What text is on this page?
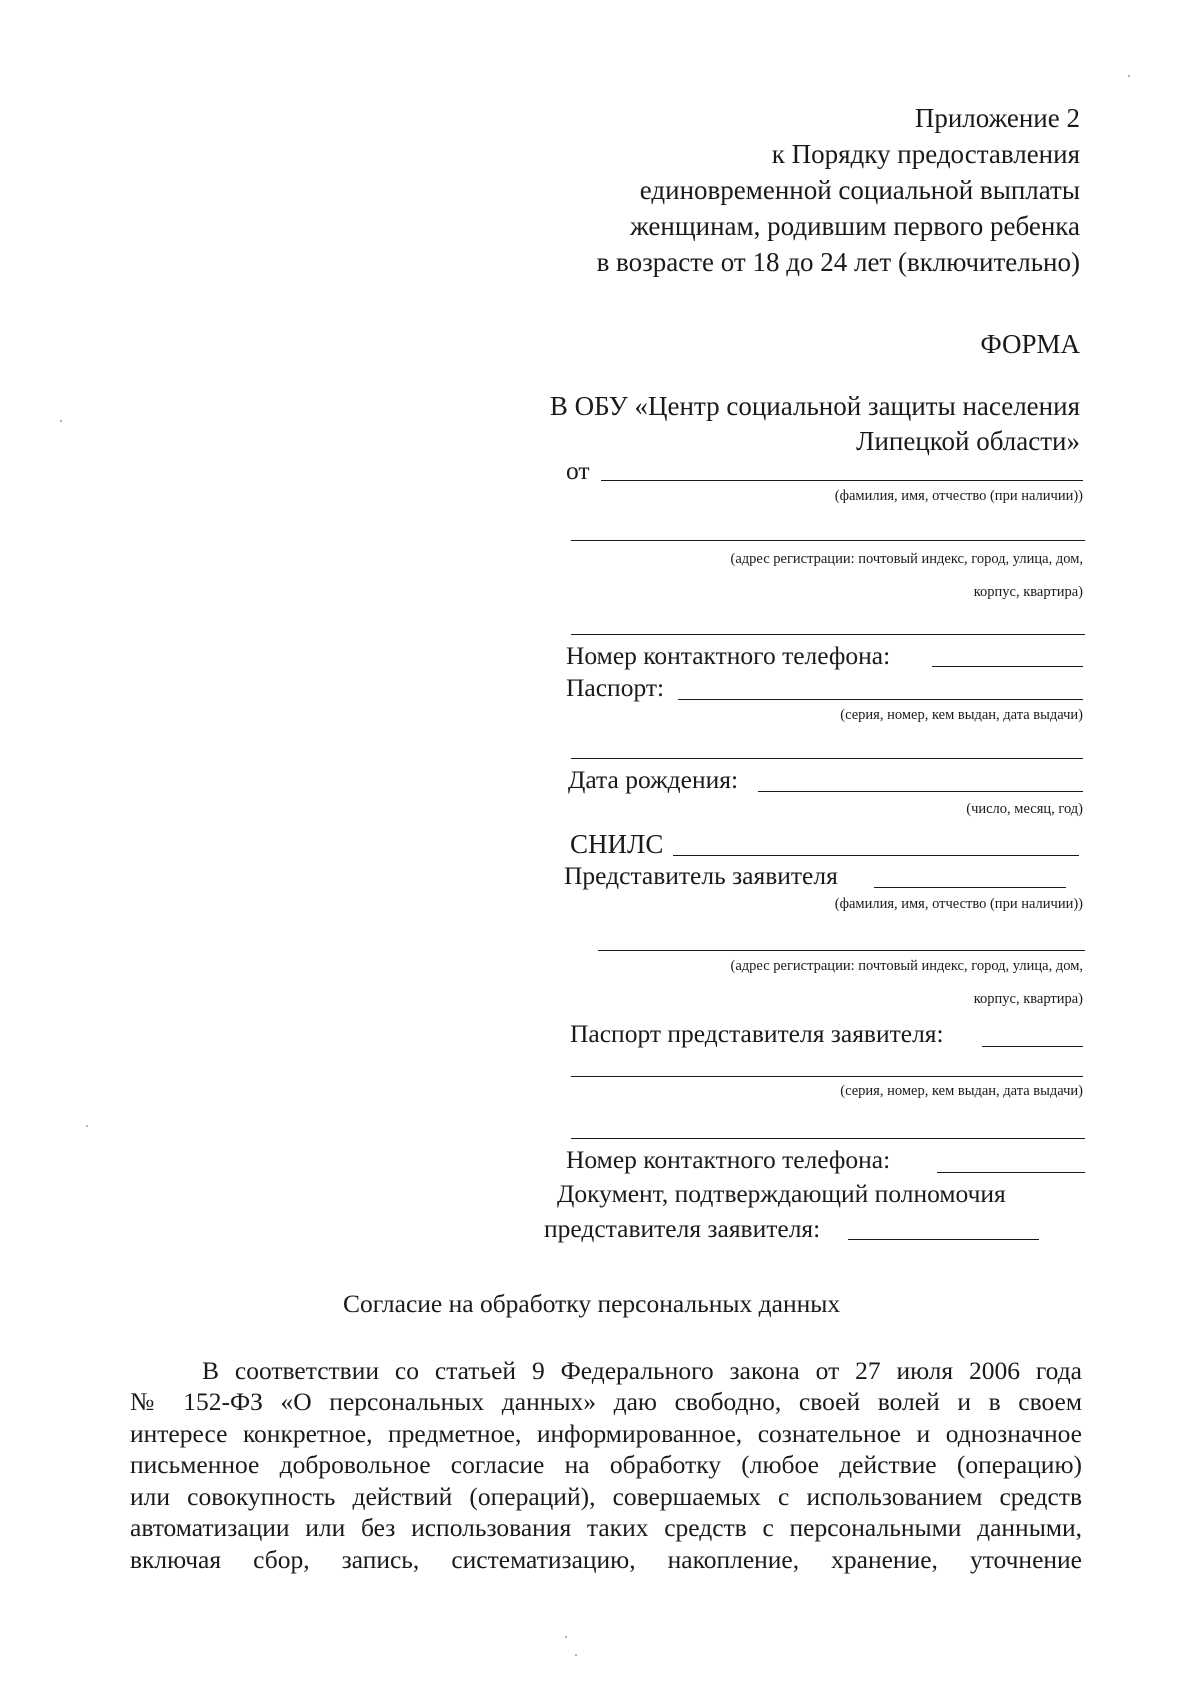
Приложение 2
к Порядку предоставления
единовременной социальной выплаты
женщинам, родившим первого ребенка
в возрасте от 18 до 24 лет (включительно)
ФОРМА
В ОБУ «Центр социальной защиты населения
Липецкой области»
от
(фамилия, имя, отчество (при наличии))
(адрес регистрации: почтовый индекс, город, улица, дом,
корпус, квартира)
Номер контактного телефона:
Паспорт:
(серия, номер, кем выдан, дата выдачи)
Дата рождения:
(число, месяц, год)
СНИЛС
Представитель заявителя
(фамилия, имя, отчество (при наличии))
(адрес регистрации: почтовый индекс, город, улица, дом,
корпус, квартира)
Паспорт представителя заявителя:
(серия, номер, кем выдан, дата выдачи)
Номер контактного телефона:
Документ, подтверждающий полномочия
представителя заявителя:
Согласие на обработку персональных данных
В соответствии со статьей 9 Федерального закона от 27 июля 2006 года
№ 152-ФЗ «О персональных данных» даю свободно, своей волей и в своем
интересе конкретное, предметное, информированное, сознательное и однозначное
письменное добровольное согласие на обработку (любое действие (операцию)
или совокупность действий (операций), совершаемых с использованием средств
автоматизации или без использования таких средств с персональными данными,
включая сбор, запись, систематизацию, накопление, хранение, уточнение
